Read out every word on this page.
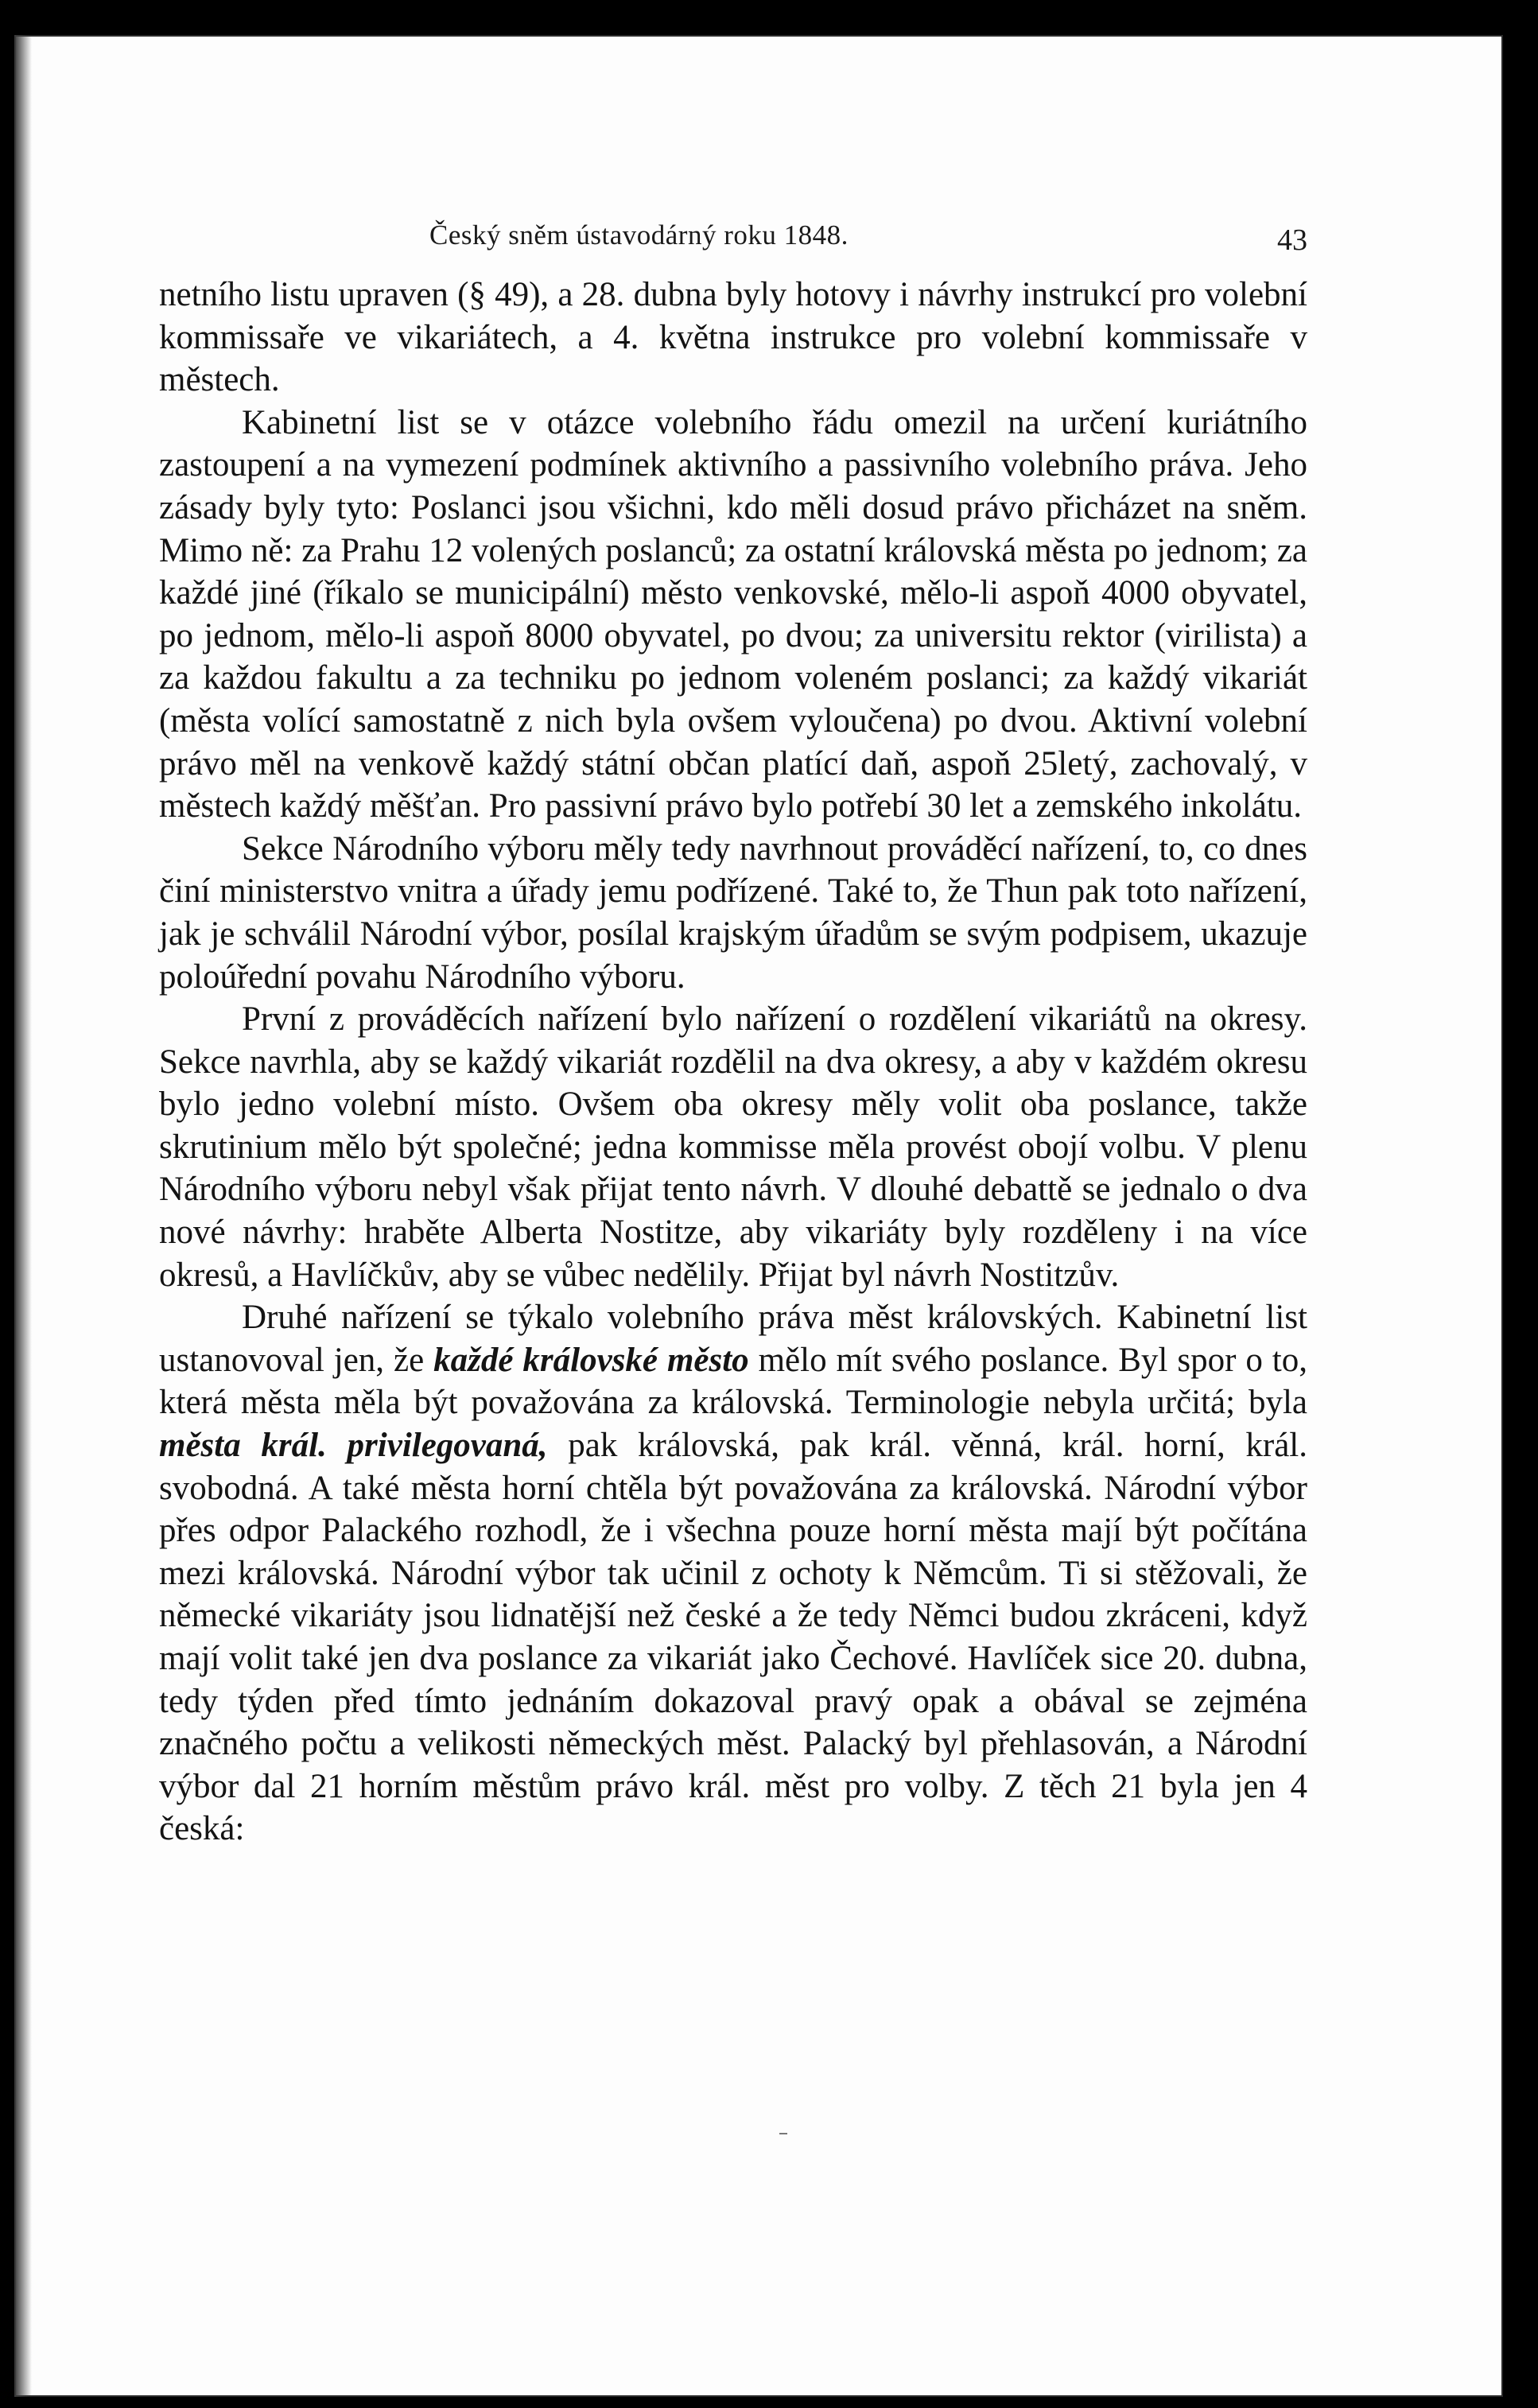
Český sněm ústavodárný roku 1848.	43

netního listu upraven (§ 49), a 28. dubna byly hotovy i návrhy instrukcí pro volební kommissaře ve vikariátech, a 4. května instrukce pro volební kommissaře v městech.

Kabinetní list se v otázce volebního řádu omezil na určení kuriátního zastoupení a na vymezení podmínek aktivního a passivního volebního práva. Jeho zásady byly tyto: Poslanci jsou všichni, kdo měli dosud právo přicházet na sněm. Mimo ně: za Prahu 12 volených poslanců; za ostatní královská města po jednom; za každé jiné (říkalo se municipální) město venkovské, mělo-li aspoň 4000 obyvatel, po jednom, mělo-li aspoň 8000 obyvatel, po dvou; za universitu rektor (virilista) a za každou fakultu a za techniku po jednom voleném poslanci; za každý vikariát (města volící samostatně z nich byla ovšem vyloučena) po dvou. Aktivní volební právo měl na venkově každý státní občan platící daň, aspoň 25letý, zachovalý, v městech každý měšťan. Pro passivní právo bylo potřebí 30 let a zemského inkolátu.

Sekce Národního výboru měly tedy navrhnout prováděcí nařízení, to, co dnes činí ministerstvo vnitra a úřady jemu podřízené. Také to, že Thun pak toto nařízení, jak je schválil Národní výbor, posílal krajským úřadům se svým podpisem, ukazuje poloúřední povahu Národního výboru.

První z prováděcích nařízení bylo nařízení o rozdělení vikariátů na okresy. Sekce navrhla, aby se každý vikariát rozdělil na dva okresy, a aby v každém okresu bylo jedno volební místo. Ovšem oba okresy měly volit oba poslance, takže skrutinium mělo být společné; jedna kommisse měla provést obojí volbu. V plenu Národního výboru nebyl však přijat tento návrh. V dlouhé debattě se jednalo o dva nové návrhy: hraběte Alberta Nostitze, aby vikariáty byly rozděleny i na více okresů, a Havlíčkův, aby se vůbec nedělily. Přijat byl návrh Nostitzův.

Druhé nařízení se týkalo volebního práva měst královských. Kabinetní list ustanovoval jen, že každé královské město mělo mít svého poslance. Byl spor o to, která města měla být považována za královská. Terminologie nebyla určitá; byla města král. privilegovaná, pak královská, pak král. věnná, král. horní, král. svobodná. A také města horní chtěla být považována za královská. Národní výbor přes odpor Palackého rozhodl, že i všechna pouze horní města mají být počítána mezi královská. Národní výbor tak učinil z ochoty k Němcům. Ti si stěžovali, že německé vikariáty jsou lidnatější než české a že tedy Němci budou zkráceni, když mají volit také jen dva poslance za vikariát jako Čechové. Havlíček sice 20. dubna, tedy týden před tímto jednáním dokazoval pravý opak a obával se zejména značného počtu a velikosti německých měst. Palacký byl přehlasován, a Národní výbor dal 21 horním městům právo král. měst pro volby. Z těch 21 byla jen 4 česká:
